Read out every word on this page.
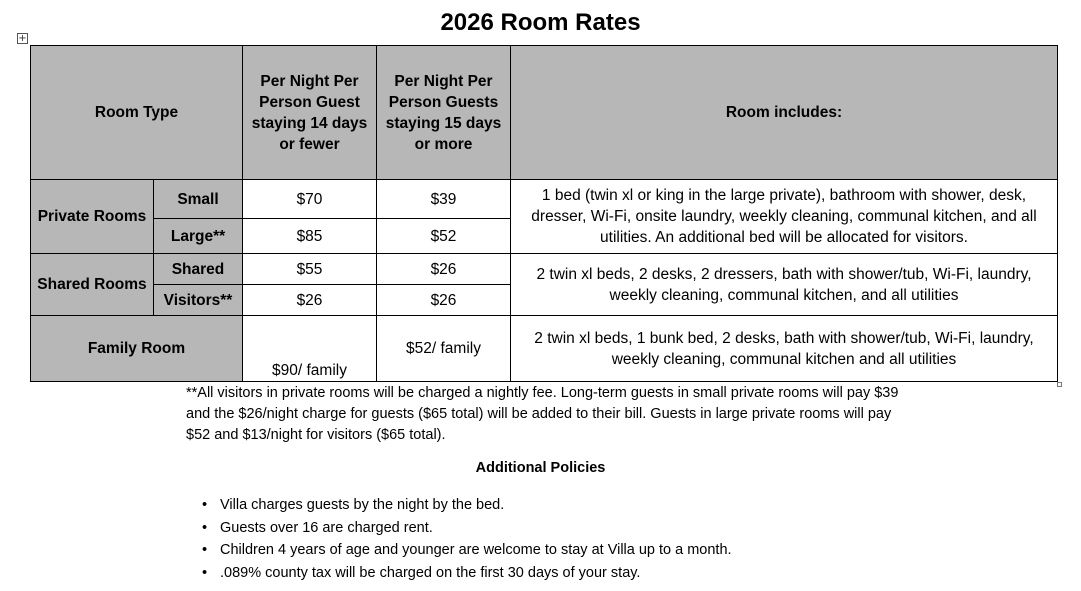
2026 Room Rates
+
Room Type		Per Night Per Person Guest staying 14 days or fewer	Per Night Per Person Guests staying 15 days or more	Room includes:
Private Rooms	Small	$70	$39	1 bed (twin xl or king in the large private), bathroom with shower, desk, dresser, Wi-Fi, onsite laundry, weekly cleaning, communal kitchen, and all utilities. An additional bed will be allocated for visitors.
	Large**	$85	$52	
Shared Rooms	Shared	$55	$26	2 twin xl beds, 2 desks, 2 dressers, bath with shower/tub, Wi-Fi, laundry, weekly cleaning, communal kitchen, and all utilities
	Visitors**	$26	$26	
Family Room		$90/ family	$52/ family	2 twin xl beds, 1 bunk bed, 2 desks, bath with shower/tub, Wi-Fi, laundry, weekly cleaning, communal kitchen and all utilities
**All visitors in private rooms will be charged a nightly fee. Long-term guests in small private rooms will pay $39 and the $26/night charge for guests ($65 total) will be added to their bill. Guests in large private rooms will pay $52 and $13/night for visitors ($65 total).
Additional Policies
• Villa charges guests by the night by the bed.
• Guests over 16 are charged rent.
• Children 4 years of age and younger are welcome to stay at Villa up to a month.
• .089% county tax will be charged on the first 30 days of your stay.
